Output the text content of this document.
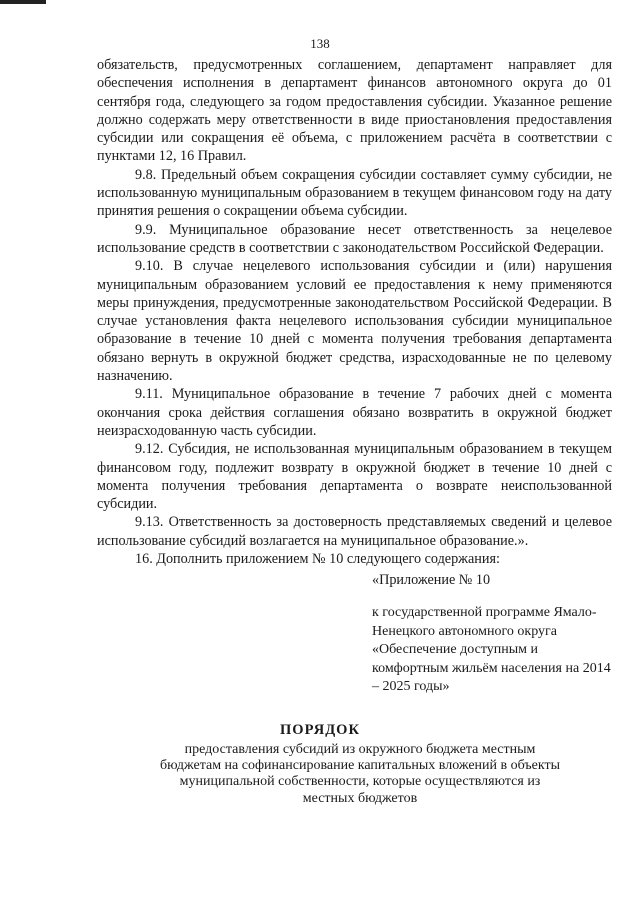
138

обязательств, предусмотренных соглашением, департамент направляет для обеспечения исполнения в департамент финансов автономного округа до 01 сентября года, следующего за годом предоставления субсидии. Указанное решение должно содержать меру ответственности в виде приостановления предоставления субсидии или сокращения её объема, с приложением расчёта в соответствии с пунктами 12, 16 Правил.

9.8. Предельный объем сокращения субсидии составляет сумму субсидии, не использованную муниципальным образованием в текущем финансовом году на дату принятия решения о сокращении объема субсидии.

9.9. Муниципальное образование несет ответственность за нецелевое использование средств в соответствии с законодательством Российской Федерации.

9.10. В случае нецелевого использования субсидии и (или) нарушения муниципальным образованием условий ее предоставления к нему применяются меры принуждения, предусмотренные законодательством Российской Федерации. В случае установления факта нецелевого использования субсидии муниципальное образование в течение 10 дней с момента получения требования департамента обязано вернуть в окружной бюджет средства, израсходованные не по целевому назначению.

9.11. Муниципальное образование в течение 7 рабочих дней с момента окончания срока действия соглашения обязано возвратить в окружной бюджет неизрасходованную часть субсидии.

9.12. Субсидия, не использованная муниципальным образованием в текущем финансовом году, подлежит возврату в окружной бюджет в течение 10 дней с момента получения требования департамента о возврате неиспользованной субсидии.

9.13. Ответственность за достоверность представляемых сведений и целевое использование субсидий возлагается на муниципальное образование.».

16. Дополнить приложением № 10 следующего содержания:

«Приложение № 10
к государственной программе Ямало-Ненецкого автономного округа «Обеспечение доступным и комфортным жильём населения на 2014 – 2025 годы»
ПОРЯДОК
предоставления субсидий из окружного бюджета местным бюджетам на софинансирование капитальных вложений в объекты муниципальной собственности, которые осуществляются из местных бюджетов
